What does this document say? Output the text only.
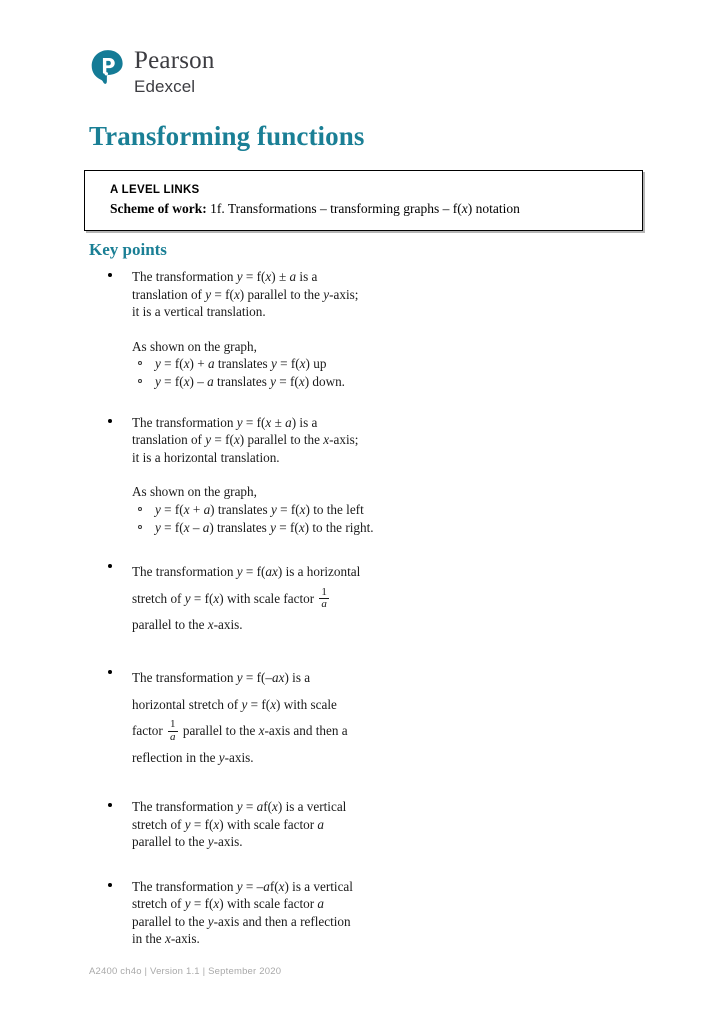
Pearson
Edexcel
Transforming functions
A LEVEL LINKS
Scheme of work: 1f. Transformations – transforming graphs – f(x) notation
Key points
The transformation y = f(x) ± a is a
translation of y = f(x) parallel to the y-axis;
it is a vertical translation.
As shown on the graph,
y = f(x) + a translates y = f(x) up
y = f(x) – a translates y = f(x) down.
The transformation y = f(x ± a) is a
translation of y = f(x) parallel to the x-axis;
it is a horizontal translation.
As shown on the graph,
y = f(x + a) translates y = f(x) to the left
y = f(x – a) translates y = f(x) to the right.
The transformation y = f(ax) is a horizontal
stretch of y = f(x) with scale factor $\frac{1}{a}$

parallel to the x-axis.
The transformation y = f(–ax) is a
horizontal stretch of y = f(x) with scale
factor $\frac{1}{a}$ parallel to the x-axis and then a
reflection in the y-axis.
The transformation y = af(x) is a vertical
stretch of y = f(x) with scale factor a
parallel to the y-axis.
The transformation y = –af(x) is a vertical
stretch of y = f(x) with scale factor a
parallel to the y-axis and then a reflection
in the x-axis.
A2400 ch4o | Version 1.1 | September 2020
